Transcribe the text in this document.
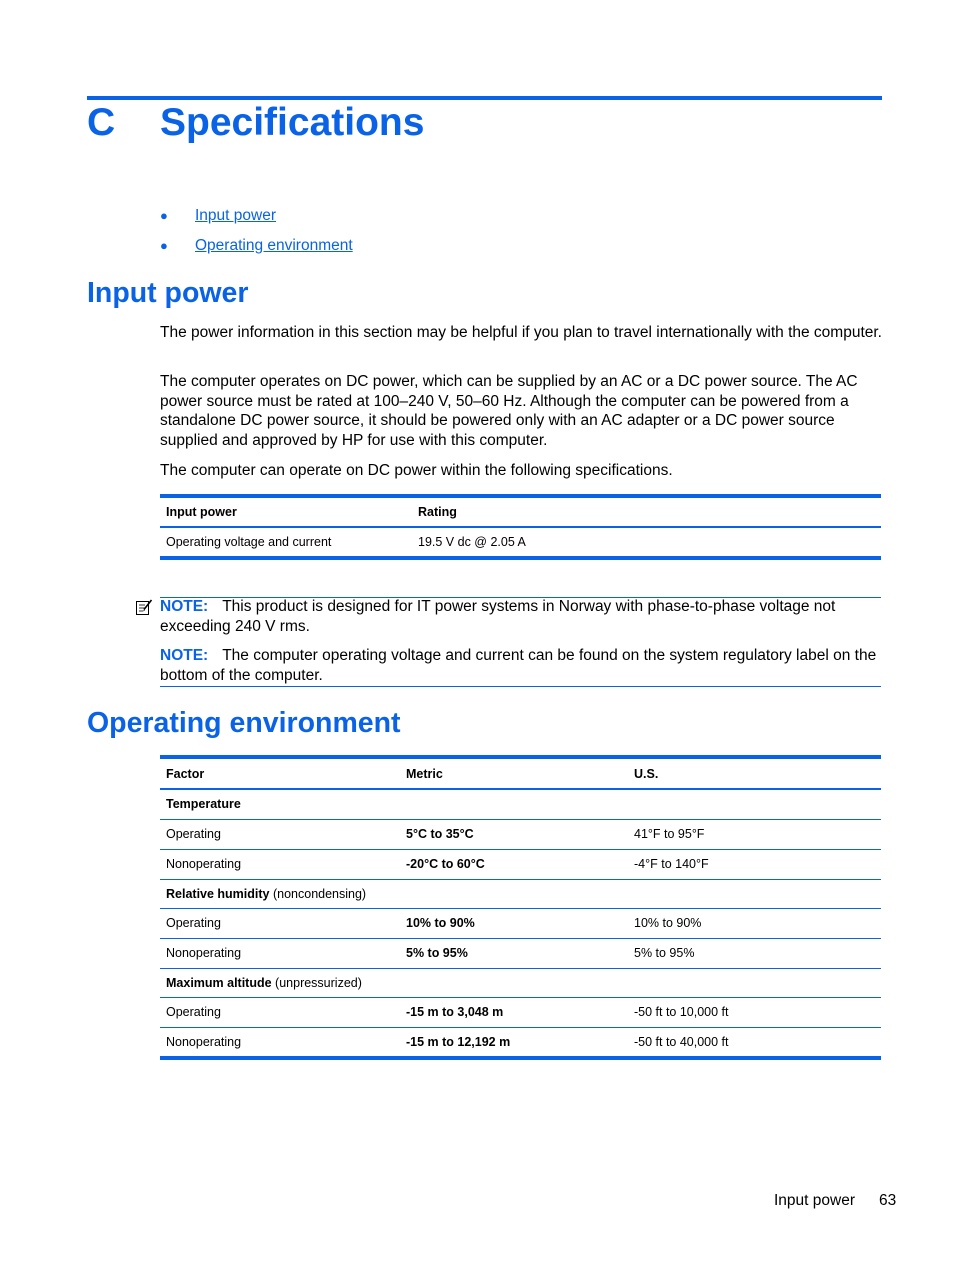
C Specifications
● Input power
● Operating environment
Input power

The power information in this section may be helpful if you plan to travel internationally with the computer.

The computer operates on DC power, which can be supplied by an AC or a DC power source. The AC power source must be rated at 100–240 V, 50–60 Hz. Although the computer can be powered from a standalone DC power source, it should be powered only with an AC adapter or a DC power source supplied and approved by HP for use with this computer.

The computer can operate on DC power within the following specifications.

Input power	Rating
Operating voltage and current	19.5 V dc @ 2.05 A

NOTE: This product is designed for IT power systems in Norway with phase-to-phase voltage not exceeding 240 V rms.

NOTE: The computer operating voltage and current can be found on the system regulatory label on the bottom of the computer.

Operating environment
Factor	Metric	U.S.
Temperature		
Operating	5°C to 35°C	41°F to 95°F
Nonoperating	-20°C to 60°C	-4°F to 140°F
Relative humidity (noncondensing)		
Operating	10% to 90%	10% to 90%
Nonoperating	5% to 95%	5% to 95%
Maximum altitude (unpressurized)		
Operating	-15 m to 3,048 m	-50 ft to 10,000 ft
Nonoperating	-15 m to 12,192 m	-50 ft to 40,000 ft
Input power 63
